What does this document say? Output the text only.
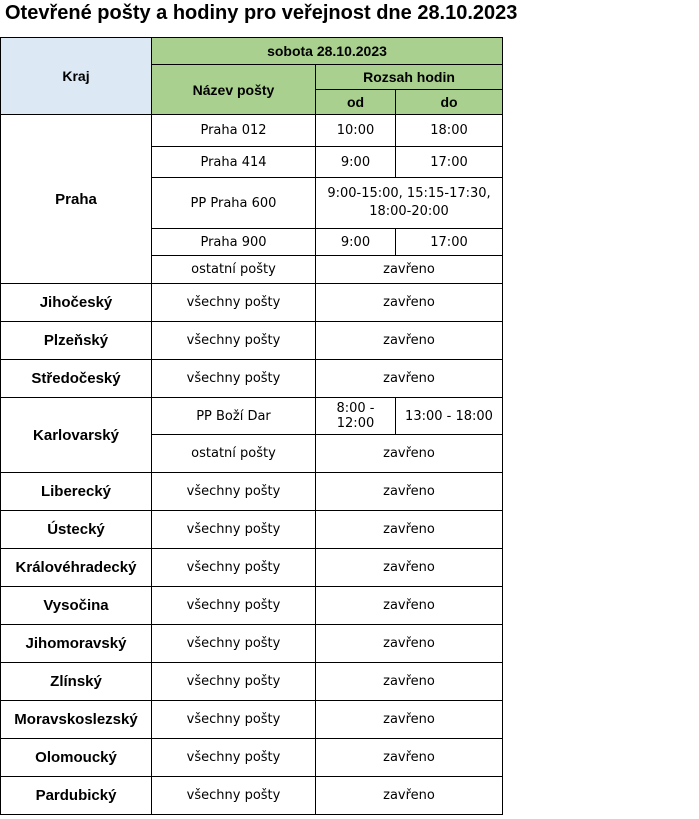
Otevřené pošty a hodiny pro veřejnost dne 28.10.2023
Kraj	sobota 28.10.2023		
	Název pošty	Rozsah hodin	
		od	do
Praha	Praha 012	10:00	18:00
	Praha 414	9:00	17:00
	PP Praha 600	9:00-15:00, 15:15-17:30, 18:00-20:00	
	Praha 900	9:00	17:00
	ostatní pošty	zavřeno	
Jihočeský	všechny pošty	zavřeno	
Plzeňský	všechny pošty	zavřeno	
Středočeský	všechny pošty	zavřeno	
Karlovarský	PP Boží Dar	8:00 - 12:00	13:00 - 18:00
	ostatní pošty	zavřeno	
Liberecký	všechny pošty	zavřeno	
Ústecký	všechny pošty	zavřeno	
Královéhradecký	všechny pošty	zavřeno	
Vysočina	všechny pošty	zavřeno	
Jihomoravský	všechny pošty	zavřeno	
Zlínský	všechny pošty	zavřeno	
Moravskoslezský	všechny pošty	zavřeno	
Olomoucký	všechny pošty	zavřeno	
Pardubický	všechny pošty	zavřeno	
